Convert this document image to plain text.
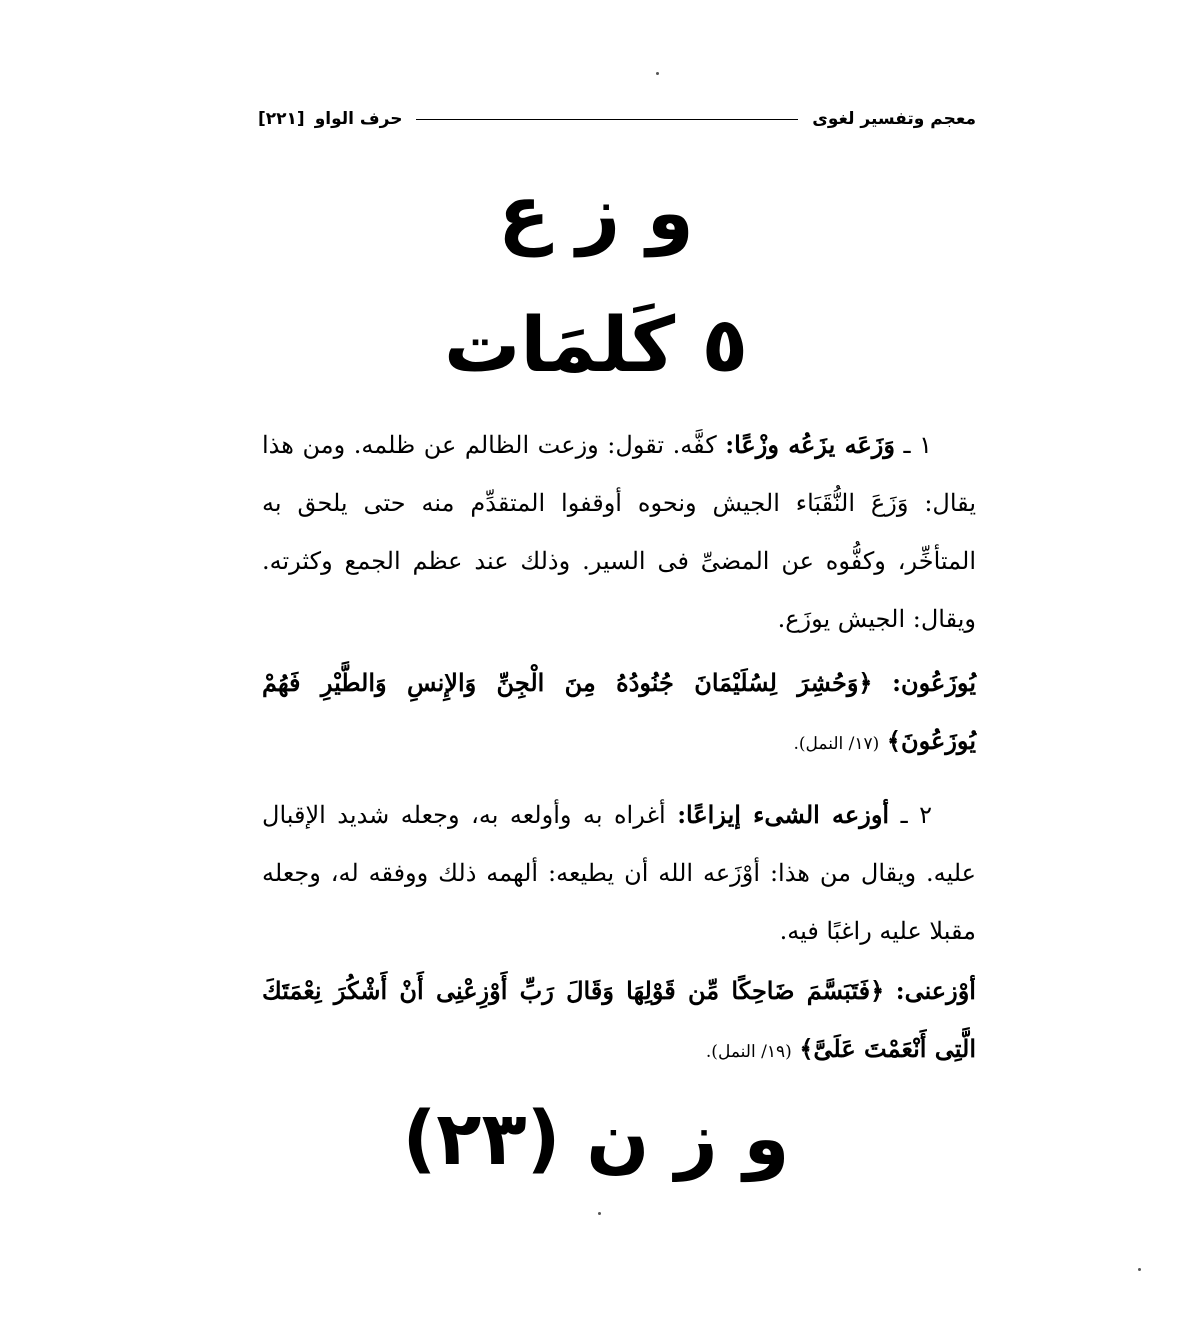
معجم وتفسير لغوى
حرف الواو
[٢٢١]
و ز ع
٥ كَلمَات
١ ـ وَزَعَه يزَعُه وزْعًا: كفَّه. تقول: وزعت الظالم عن ظلمه. ومن هذا يقال: وَزَعَ النُّقَبَاء الجيش ونحوه أوقفوا المتقدِّم منه حتى يلحق به المتأخِّر، وكفُّوه عن المضىِّ فى السير. وذلك عند عظم الجمع وكثرته. ويقال: الجيش يوزَع.
يُوزَعُون: ﴿وَحُشِرَ لِسُلَيْمَانَ جُنُودُهُ مِنَ الْجِنِّ وَالإِنسِ وَالطَّيْرِ فَهُمْ يُوزَعُونَ﴾ (١٧/ النمل).
٢ ـ أوزعه الشىء إيزاعًا: أغراه به وأولعه به، وجعله شديد الإقبال عليه. ويقال من هذا: أوْزَعه الله أن يطيعه: ألهمه ذلك ووفقه له، وجعله مقبلا عليه راغبًا فيه.
أوْزعنى: ﴿فَتَبَسَّمَ ضَاحِكًا مِّن قَوْلِهَا وَقَالَ رَبِّ أَوْزِعْنِى أَنْ أَشْكُرَ نِعْمَتَكَ الَّتِى أَنْعَمْتَ عَلَىَّ﴾ (١٩/ النمل).
و ز ن (٢٣)
